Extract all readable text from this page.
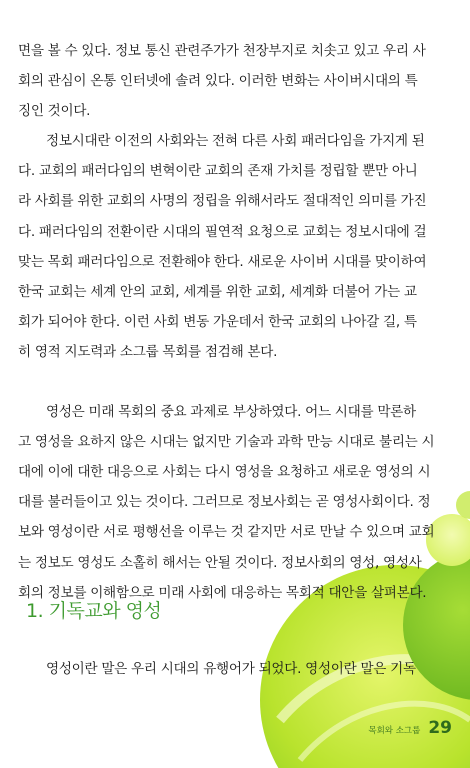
면을 볼 수 있다. 정보 통신 관련주가가 천장부지로 치솟고 있고 우리 사
회의 관심이 온통 인터넷에 솔려 있다. 이러한 변화는 사이버시대의 특
징인 것이다.
정보시대란 이전의 사회와는 전혀 다른 사회 패러다임을 가지게 된
다. 교회의 패러다임의 변혁이란 교회의 존재 가치를 정립할 뿐만 아니
라 사회를 위한 교회의 사명의 정립을 위해서라도 절대적인 의미를 가진
다. 패러다임의 전환이란 시대의 필연적 요청으로 교회는 정보시대에 걸
맞는 목회 패러다임으로 전환해야 한다. 새로운 사이버 시대를 맞이하여
한국 교회는 세계 안의 교회, 세계를 위한 교회, 세계화 더불어 가는 교
회가 되어야 한다. 이런 사회 변동 가운데서 한국 교회의 나아갈 길, 특
히 영적 지도력과 소그룹 목회를 점검해 본다.
영성은 미래 목회의 중요 과제로 부상하였다. 어느 시대를 막론하
고 영성을 요하지 않은 시대는 없지만 기술과 과학 만능 시대로 불리는 시
대에 이에 대한 대응으로 사회는 다시 영성을 요청하고 새로운 영성의 시
대를 불러들이고 있는 것이다. 그러므로 정보사회는 곧 영성사회이다. 정
보와 영성이란 서로 평행선을 이루는 것 같지만 서로 만날 수 있으며 교회
는 정보도 영성도 소홀히 해서는 안될 것이다. 정보사회의 영성, 영성사
회의 정보를 이해함으로 미래 사회에 대응하는 목회적 대안을 살펴본다.
1. 기독교와 영성
영성이란 말은 우리 시대의 유행어가 되었다. 영성이란 말은 기독
목회와 소그룹 29
